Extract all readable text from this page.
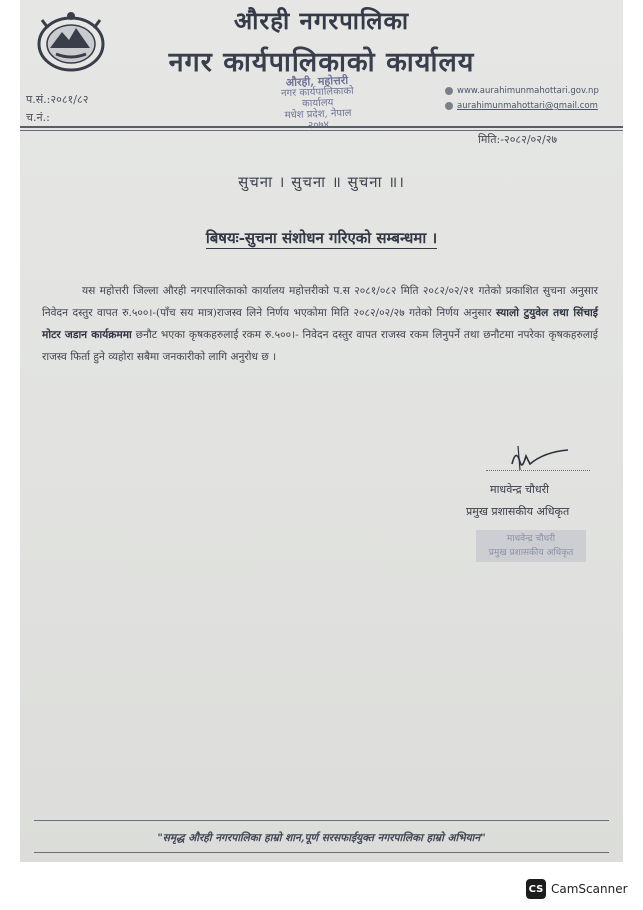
औरही नगरपालिका
नगर कार्यपालिकाको कार्यालय
प.सं.:२०८१/८२
च.नं.:
औरही, महोत्तरी
नगर कार्यपालिकाको कार्यालय
मधेश प्रदेश, नेपाल
२०७४
www.aurahimunmahottari.gov.np
aurahimunmahottari@gmail.com
मिति:-२०८२/०२/२७
सुचना । सुचना ॥ सुचना ॥।
बिषयः-सुचना संशोधन गरिएको सम्बन्धमा ।
यस महोत्तरी जिल्ला औरही नगरपालिकाको कार्यालय महोत्तरीको प.स २०८१/०८२ मिति २०८२/०२/२१ गतेको प्रकाशित सुचना अनुसार निवेदन दस्तुर वापत रु.५००।-(पाँच सय मात्र)राजस्व लिने निर्णय भएकोमा मिति २०८२/०२/२७ गतेको निर्णय अनुसार स्यालो टुयुवेल तथा सिंचाई मोटर जडान कार्यक्रममा छनौट भएका कृषकहरुलाई रकम रु.५००।- निवेदन दस्तुर वापत राजस्व रकम लिनुपर्ने तथा छनौटमा नपरेका कृषकहरुलाई राजस्व फिर्ता हुने व्यहोरा सबैमा जनकारीको लागि अनुरोध छ ।
माधवेन्द्र चौधरी
प्रमुख प्रशासकीय अधिकृत
माधवेन्द्र चौधरी
प्रमुख प्रशासकीय अधिकृत
"समृद्ध औरही नगरपालिका हाम्रो शान,पूर्ण सरसफाईयुक्त नगरपालिका हाम्रो अभियान"
CS CamScanner
